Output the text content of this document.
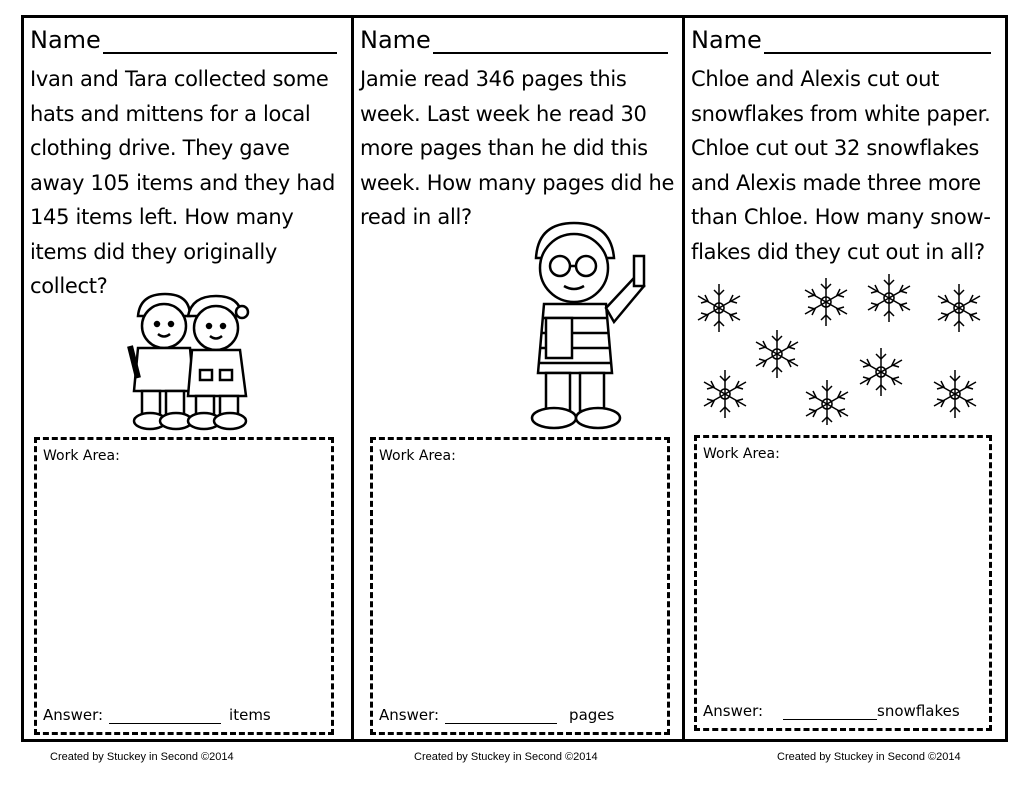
Name

Ivan and Tara collected some hats and mittens for a local clothing drive. They gave away 105 items and they had 145 items left. How many items did they originally collect?

Work Area:
Answer:	items
Name

Jamie read 346 pages this week. Last week he read 30 more pages than he did this week. How many pages did he read in all?

Work Area:
Answer:	pages
Name

Chloe and Alexis cut out snowflakes from white paper. Chloe cut out 32 snowflakes and Alexis made three more than Chloe. How many snow-flakes did they cut out in all?

Work Area:
Answer:	snowflakes
Created by Stuckey in Second ©2014	Created by Stuckey in Second ©2014	Created by Stuckey in Second ©2014
